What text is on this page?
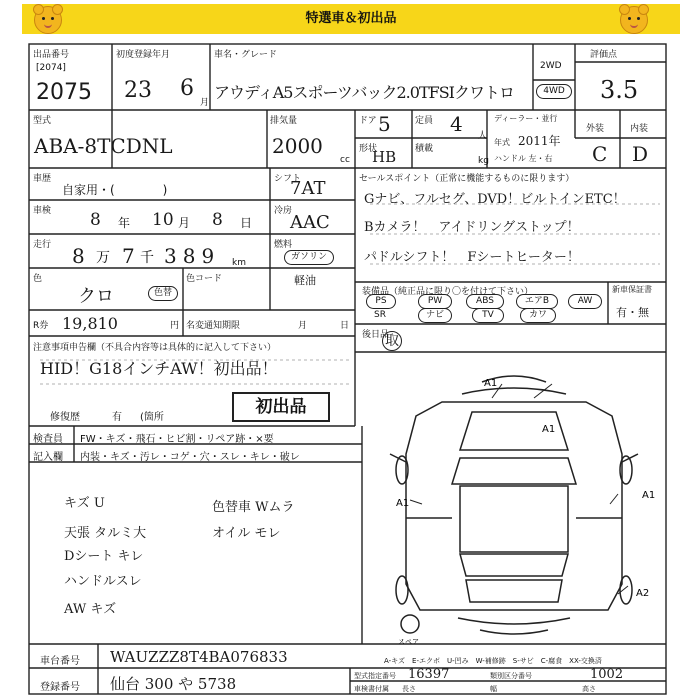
特選車＆初出品
出品番号
[2074]
2075
初度登録年月
23 6
月
車名・グレード
アウディA5スポーツバック2.0TFSIクワトロ
2WD
4WD
評価点
3.5
型式
ABA-8TCDNL
排気量
2000
cc
ドア 5	定員 4 人
形状
HB 積載
kg
ディーラー・並行
年式 2011年
ハンドル 左・右
外装	内装
C D
車歴
自家用・(　　　　)
シフト
7AT
車検 8 年 10 月 8 日
冷房
AAC
走行 8 万 7 千 389 km
燃料
ガソリン
軽油
色
クロ	色替
色コード
R券 19,810	円 名変通知期限	月	日
注意事項申告欄（不具合内容等は具体的に記入して下さい）
HID！G18インチAW！初出品！
修復歴	有 (箇所
初出品
セールスポイント（正常に機能するものに限ります）
Gナビ、フルセグ、DVD！ビルトインETC！
Bカメラ！　アイドリングストップ！
パドルシフト！　Fシートヒーター！
装備品（純正品に限り〇を付けて下さい）
PS	PW	ABS	エアB	AW
SR	ナビ	TV	カワ
新車保証書
有・無
後日品
取
検査員 FW・キズ・飛石・ヒビ割・リペア跡・×要
記入欄 内装・キズ・汚レ・コゲ・穴・スレ・キレ・破レ
キズ U
天張 タルミ大
Dシート キレ
ハンドルスレ
AW キズ
色替車 Wムラ
オイル モレ
A1
A1
A1
A1
A2
スペア
A-キズ　E-エクボ　U-凹み　W-補修跡　S-サビ　C-腐食　XX-交換済
車台番号 WAUZZZ8T4BA076833
登録番号 仙台 300 や 5738	型式指定番号 16397	類別区分番号	1002
車検書付属 長さ	幅	高さ
